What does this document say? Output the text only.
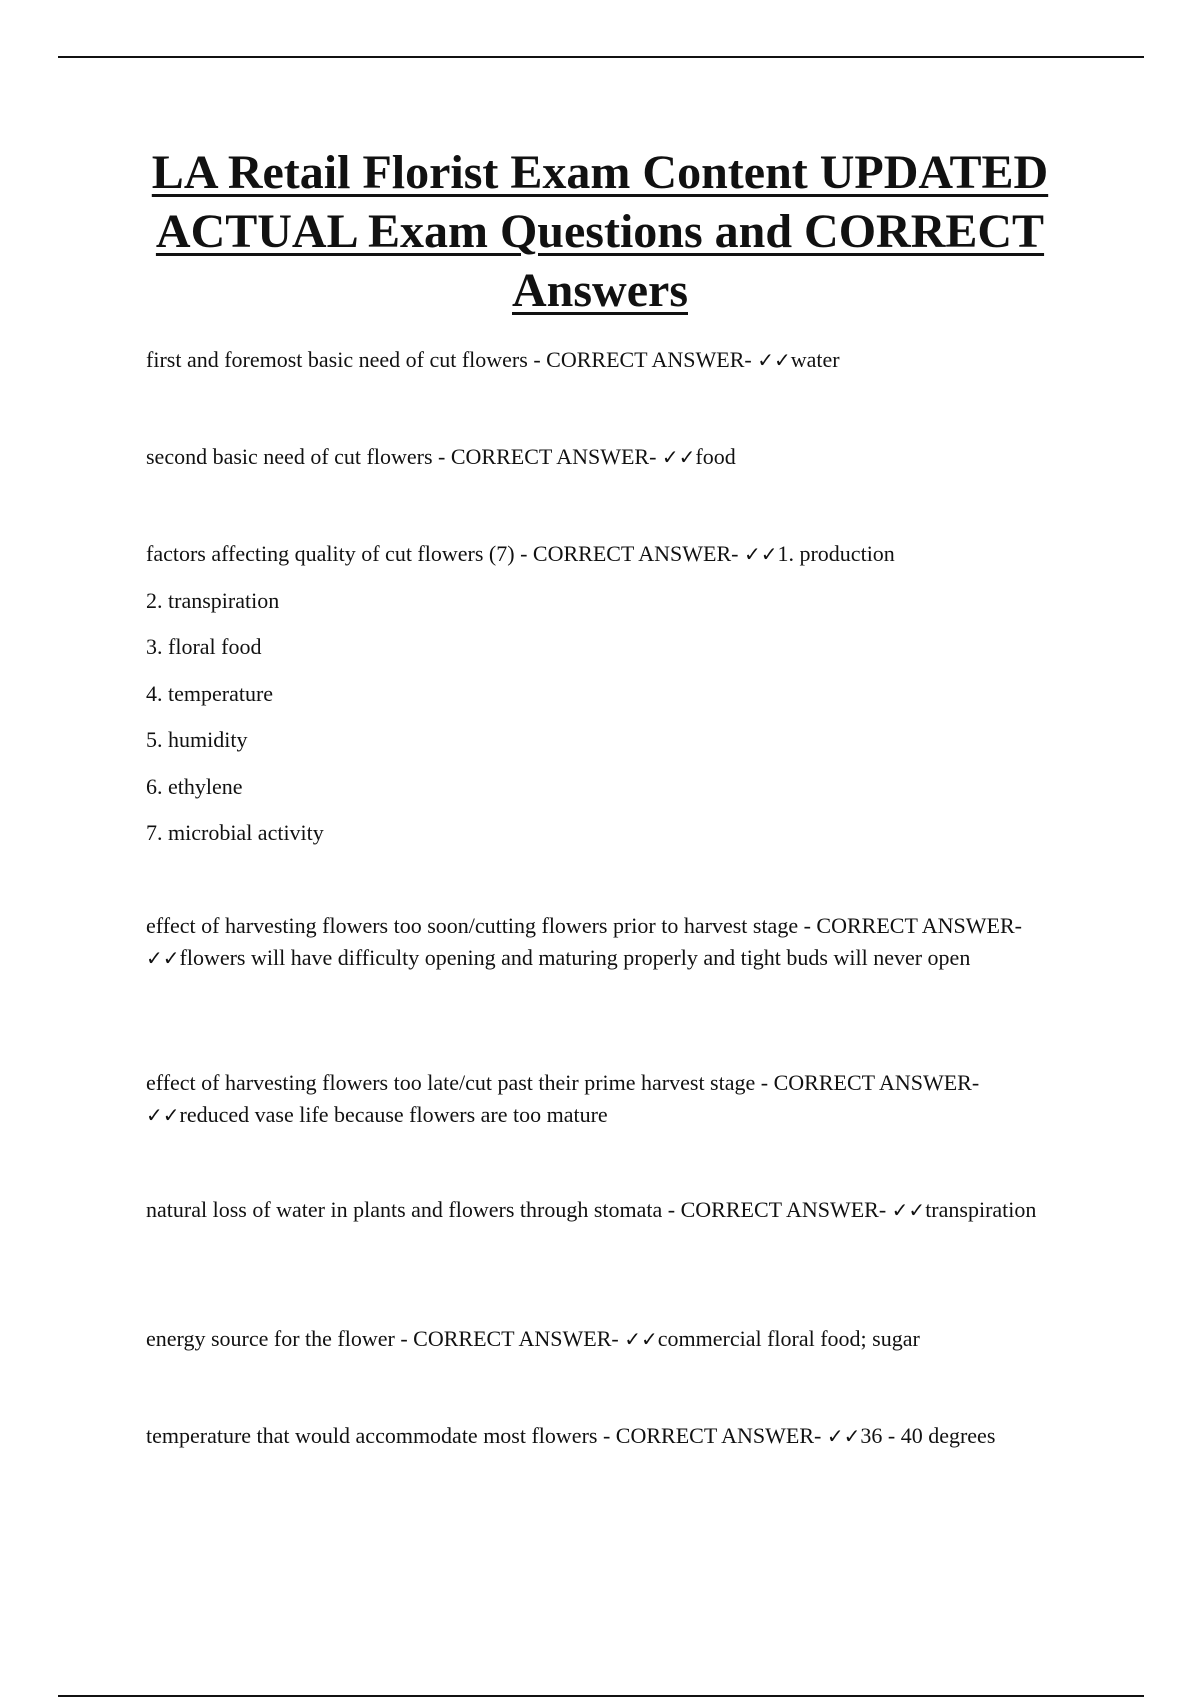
LA Retail Florist Exam Content UPDATED ACTUAL Exam Questions and CORRECT Answers

first and foremost basic need of cut flowers - CORRECT ANSWER- ✓✓water

second basic need of cut flowers - CORRECT ANSWER- ✓✓food

factors affecting quality of cut flowers (7) - CORRECT ANSWER- ✓✓1. production

2. transpiration

3. floral food

4. temperature

5. humidity

6. ethylene

7. microbial activity

effect of harvesting flowers too soon/cutting flowers prior to harvest stage - CORRECT ANSWER- ✓✓flowers will have difficulty opening and maturing properly and tight buds will never open

effect of harvesting flowers too late/cut past their prime harvest stage - CORRECT ANSWER- ✓✓reduced vase life because flowers are too mature

natural loss of water in plants and flowers through stomata - CORRECT ANSWER- ✓✓transpiration

energy source for the flower - CORRECT ANSWER- ✓✓commercial floral food; sugar

temperature that would accommodate most flowers - CORRECT ANSWER- ✓✓36 - 40 degrees
